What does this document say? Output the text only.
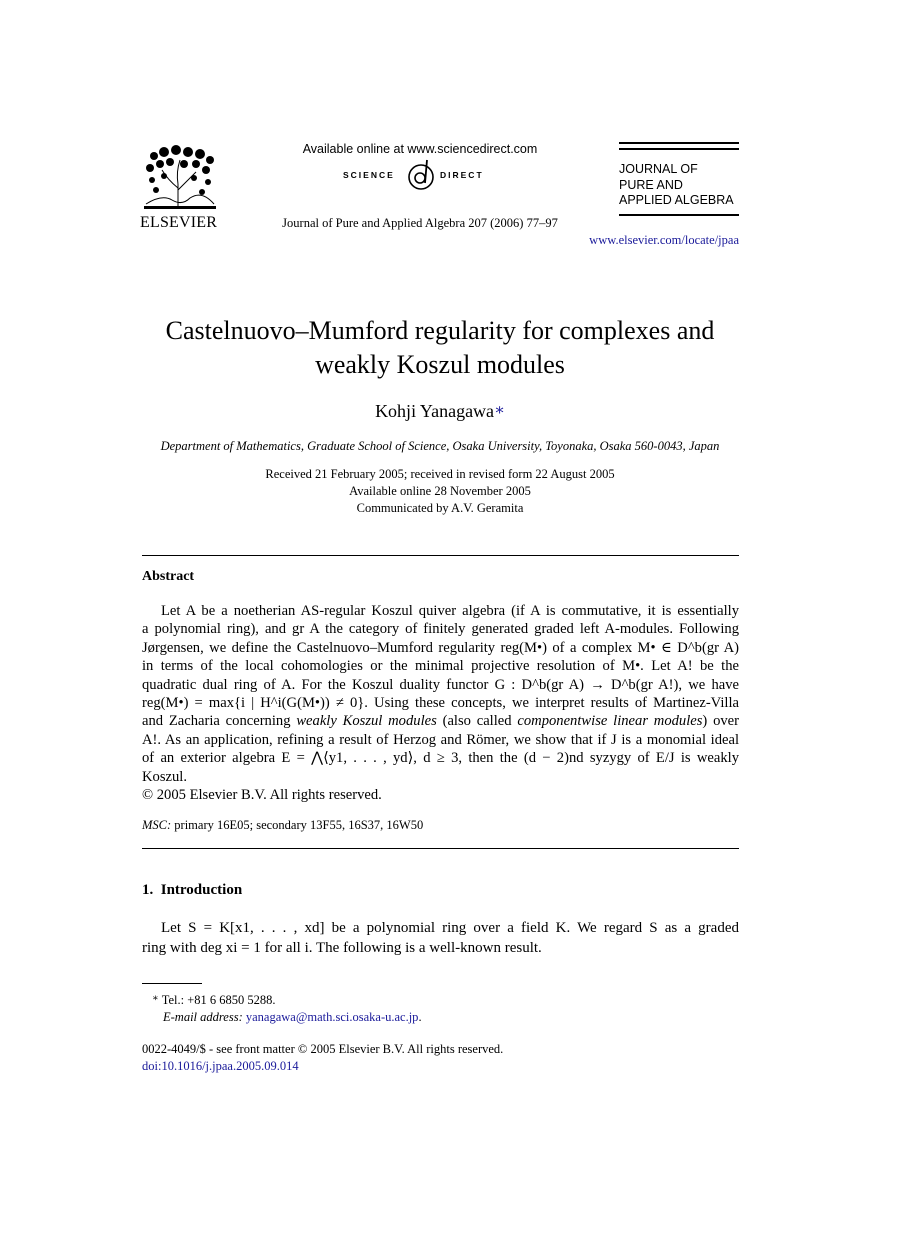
ELSEVIER
Available online at www.sciencedirect.com
SCIENCE	DIRECT
Journal of Pure and Applied Algebra 207 (2006) 77–97
JOURNAL OF
PURE AND
APPLIED ALGEBRA
www.elsevier.com/locate/jpaa
Castelnuovo–Mumford regularity for complexes and
weakly Koszul modules
Kohji Yanagawa∗
Department of Mathematics, Graduate School of Science, Osaka University, Toyonaka, Osaka 560-0043, Japan
Received 21 February 2005; received in revised form 22 August 2005
Available online 28 November 2005
Communicated by A.V. Geramita
Abstract
Let A be a noetherian AS-regular Koszul quiver algebra (if A is commutative, it is essentially
a polynomial ring), and gr A the category of finitely generated graded left A-modules. Following
Jørgensen, we define the Castelnuovo–Mumford regularity reg(M•) of a complex M• ∈ D^b(gr A)
in terms of the local cohomologies or the minimal projective resolution of M•. Let A! be the
quadratic dual ring of A. For the Koszul duality functor G : D^b(gr A) → D^b(gr A!), we have
reg(M•) = max{i | H^i(G(M•)) ≠ 0}. Using these concepts, we interpret results of Martinez-Villa
and Zacharia concerning weakly Koszul modules (also called componentwise linear modules) over
A!. As an application, refining a result of Herzog and Römer, we show that if J is a monomial ideal
of an exterior algebra E = ⋀⟨y1, . . . , yd⟩, d ≥ 3, then the (d − 2)nd syzygy of E/J is weakly
Koszul.
© 2005 Elsevier B.V. All rights reserved.
MSC: primary 16E05; secondary 13F55, 16S37, 16W50
1. Introduction
Let S = K[x1, . . . , xd] be a polynomial ring over a field K. We regard S as a graded
ring with deg xi = 1 for all i. The following is a well-known result.
∗ Tel.: +81 6 6850 5288.
E-mail address: yanagawa@math.sci.osaka-u.ac.jp.
0022-4049/$ - see front matter © 2005 Elsevier B.V. All rights reserved.
doi:10.1016/j.jpaa.2005.09.014
